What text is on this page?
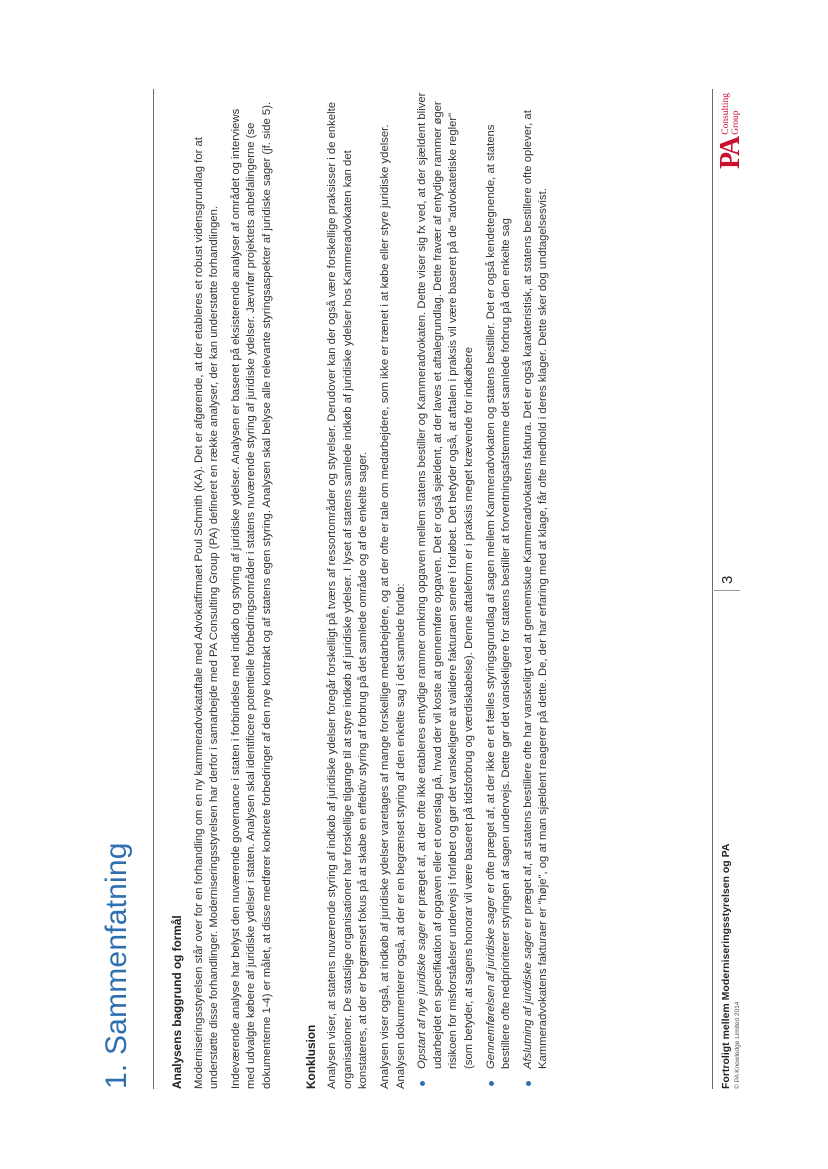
1. Sammenfatning	Analysens baggrund og formål Moderniseringsstyrelsen står over for en forhandling om en ny kammeradvokataftale med Advokatfirmaet Poul Schmith (KA). Det er afgørende, at der etableres et robust vidensgrundlag for at understøtte disse forhandlinger. Moderniseringsstyrelsen har derfor i samarbejde med PA Consulting Group (PA) defineret en række analyser, der kan understøtte forhandlingen. Indeværende analyse har belyst den nuværende governance i staten i forbindelse med indkøb og styring af juridiske ydelser. Analysen er baseret på eksisterende analyser af området og interviews med udvalgte købere af juridiske ydelser i staten. Analysen skal identificere potentielle forbedringsområder i statens nuværende styring af juridiske ydelser. Jævnfør projektets anbefalingerne (se dokumenterne 1-4) er målet, at disse medfører konkrete forbedringer af den nye kontrakt og af statens egen styring. Analysen skal belyse alle relevante styringsaspekter af juridiske sager (jf. side 5).	Konklusion Analysen viser, at statens nuværende styring af indkøb af juridiske ydelser foregår forskelligt på tværs af ressortområder og styrelser. Derudover kan der også være forskellige praksisser i de enkelte organisationer. De statslige organisationer har forskellige tilgange til at styre indkøb af juridiske ydelser. I lyset af statens samlede indkøb af juridiske ydelser hos Kammeradvokaten kan det konstateres, at der er begrænset fokus på at skabe en effektiv styring af forbrug på det samlede område og af de enkelte sager. Analysen viser også, at indkøb af juridiske ydelser varetages af mange forskellige medarbejdere, og at der ofte er tale om medarbejdere, som ikke er trænet i at købe eller styre juridiske ydelser. Analysen dokumenterer også, at der er en begrænset styring af den enkelte sag i det samlede forløb: Opstart af nye juridiske sager er præget af, at der ofte ikke etableres entydige rammer omkring opgaven mellem statens bestiller og Kammeradvokaten. Dette viser sig fx ved, at der sjældent bliver udarbejdet en specifikation af opgaven eller et overslag på, hvad der vil koste at gennemføre opgaven. Det er også sjældent, at der laves et aftalegrundlag. Dette fravær af entydige rammer øger risikoen for misforståelser undervejs i forløbet og gør det vanskeligere at validere fakturaen senere i forløbet. Det betyder også, at aftalen i praksis vil være baseret på de "advokatetiske regler" (som betyder, at sagens honorar vil være baseret på tidsforbrug og værdiskabelse). Denne aftaleform er i praksis meget krævende for indkøbere Gennemførelsen af juridiske sager er ofte præget af, at der ikke er et fælles styringsgrundlag af sagen mellem Kammeradvokaten og statens bestiller. Det er også kendetegnende, at statens bestillere ofte nedprioriterer styringen af sagen undervejs. Dette gør det vanskeligere for statens bestiller at forventningsafstemme det samlede forbrug på den enkelte sag Afslutning af juridiske sager er præget af, at statens bestillere ofte har vanskeligt ved at gennemskue Kammeradvokatens faktura. Det er også karakteristisk, at statens bestillere ofte oplever, at Kammeradvokatens fakturaer er "høje", og at man sjældent reagerer på dette. De, der har erfaring med at klage, får ofte medhold i deres klager. Dette sker dog undtagelsesvist.	Fortroligt mellem Moderniseringsstyrelsen og PA © PA Knowledge Limited 2014
3
PA
Consulting Group
